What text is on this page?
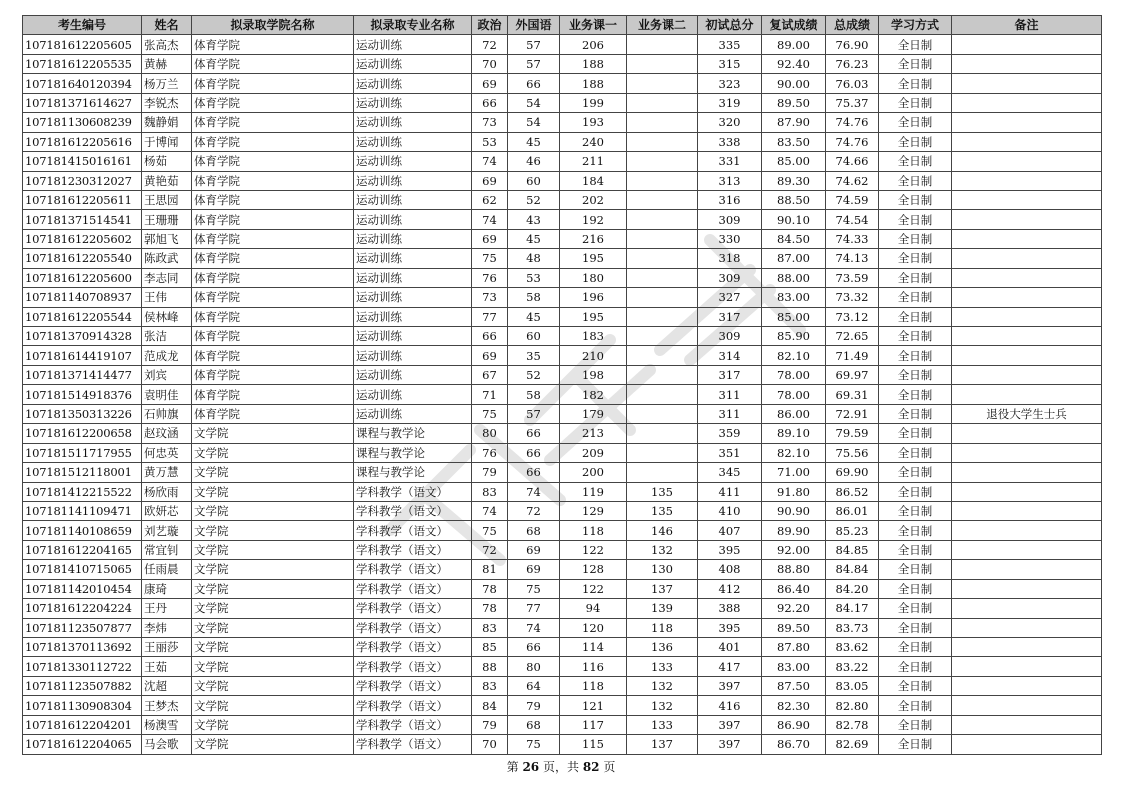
考生编号	姓名	拟录取学院名称	拟录取专业名称	政治	外国语	业务课一	业务课二	初试总分	复试成绩	总成绩	学习方式	备注
107181612205605	张高杰	体育学院	运动训练	72	57	206		335	89.00	76.90	全日制	
107181612205535	黄赫	体育学院	运动训练	70	57	188		315	92.40	76.23	全日制	
107181640120394	杨万兰	体育学院	运动训练	69	66	188		323	90.00	76.03	全日制	
107181371614627	李锐杰	体育学院	运动训练	66	54	199		319	89.50	75.37	全日制	
107181130608239	魏静娟	体育学院	运动训练	73	54	193		320	87.90	74.76	全日制	
107181612205616	于博闻	体育学院	运动训练	53	45	240		338	83.50	74.76	全日制	
107181415016161	杨茹	体育学院	运动训练	74	46	211		331	85.00	74.66	全日制	
107181230312027	黄艳茹	体育学院	运动训练	69	60	184		313	89.30	74.62	全日制	
107181612205611	王思园	体育学院	运动训练	62	52	202		316	88.50	74.59	全日制	
107181371514541	王珊珊	体育学院	运动训练	74	43	192		309	90.10	74.54	全日制	
107181612205602	郭旭飞	体育学院	运动训练	69	45	216		330	84.50	74.33	全日制	
107181612205540	陈政武	体育学院	运动训练	75	48	195		318	87.00	74.13	全日制	
107181612205600	李志同	体育学院	运动训练	76	53	180		309	88.00	73.59	全日制	
107181140708937	王伟	体育学院	运动训练	73	58	196		327	83.00	73.32	全日制	
107181612205544	侯林峰	体育学院	运动训练	77	45	195		317	85.00	73.12	全日制	
107181370914328	张洁	体育学院	运动训练	66	60	183		309	85.90	72.65	全日制	
107181614419107	范成龙	体育学院	运动训练	69	35	210		314	82.10	71.49	全日制	
107181371414477	刘宾	体育学院	运动训练	67	52	198		317	78.00	69.97	全日制	
107181514918376	袁明佳	体育学院	运动训练	71	58	182		311	78.00	69.31	全日制	
107181350313226	石帅旗	体育学院	运动训练	75	57	179		311	86.00	72.91	全日制	退役大学生士兵
107181612200658	赵玟涵	文学院	课程与教学论	80	66	213		359	89.10	79.59	全日制	
107181511717955	何忠英	文学院	课程与教学论	76	66	209		351	82.10	75.56	全日制	
107181512118001	黄万慧	文学院	课程与教学论	79	66	200		345	71.00	69.90	全日制	
107181412215522	杨欣雨	文学院	学科教学（语文）	83	74	119	135	411	91.80	86.52	全日制	
107181141109471	欧妍芯	文学院	学科教学（语文）	74	72	129	135	410	90.90	86.01	全日制	
107181140108659	刘艺璇	文学院	学科教学（语文）	75	68	118	146	407	89.90	85.23	全日制	
107181612204165	常宜钊	文学院	学科教学（语文）	72	69	122	132	395	92.00	84.85	全日制	
107181410715065	任雨晨	文学院	学科教学（语文）	81	69	128	130	408	88.80	84.84	全日制	
107181142010454	康琦	文学院	学科教学（语文）	78	75	122	137	412	86.40	84.20	全日制	
107181612204224	王丹	文学院	学科教学（语文）	78	77	94	139	388	92.20	84.17	全日制	
107181123507877	李炜	文学院	学科教学（语文）	83	74	120	118	395	89.50	83.73	全日制	
107181370113692	王丽莎	文学院	学科教学（语文）	85	66	114	136	401	87.80	83.62	全日制	
107181330112722	王茹	文学院	学科教学（语文）	88	80	116	133	417	83.00	83.22	全日制	
107181123507882	沈超	文学院	学科教学（语文）	83	64	118	132	397	87.50	83.05	全日制	
107181130908304	王梦杰	文学院	学科教学（语文）	84	79	121	132	416	82.30	82.80	全日制	
107181612204201	杨澳雪	文学院	学科教学（语文）	79	68	117	133	397	86.90	82.78	全日制	
107181612204065	马会歌	文学院	学科教学（语文）	70	75	115	137	397	86.70	82.69	全日制	
第 26 页，共 82 页
